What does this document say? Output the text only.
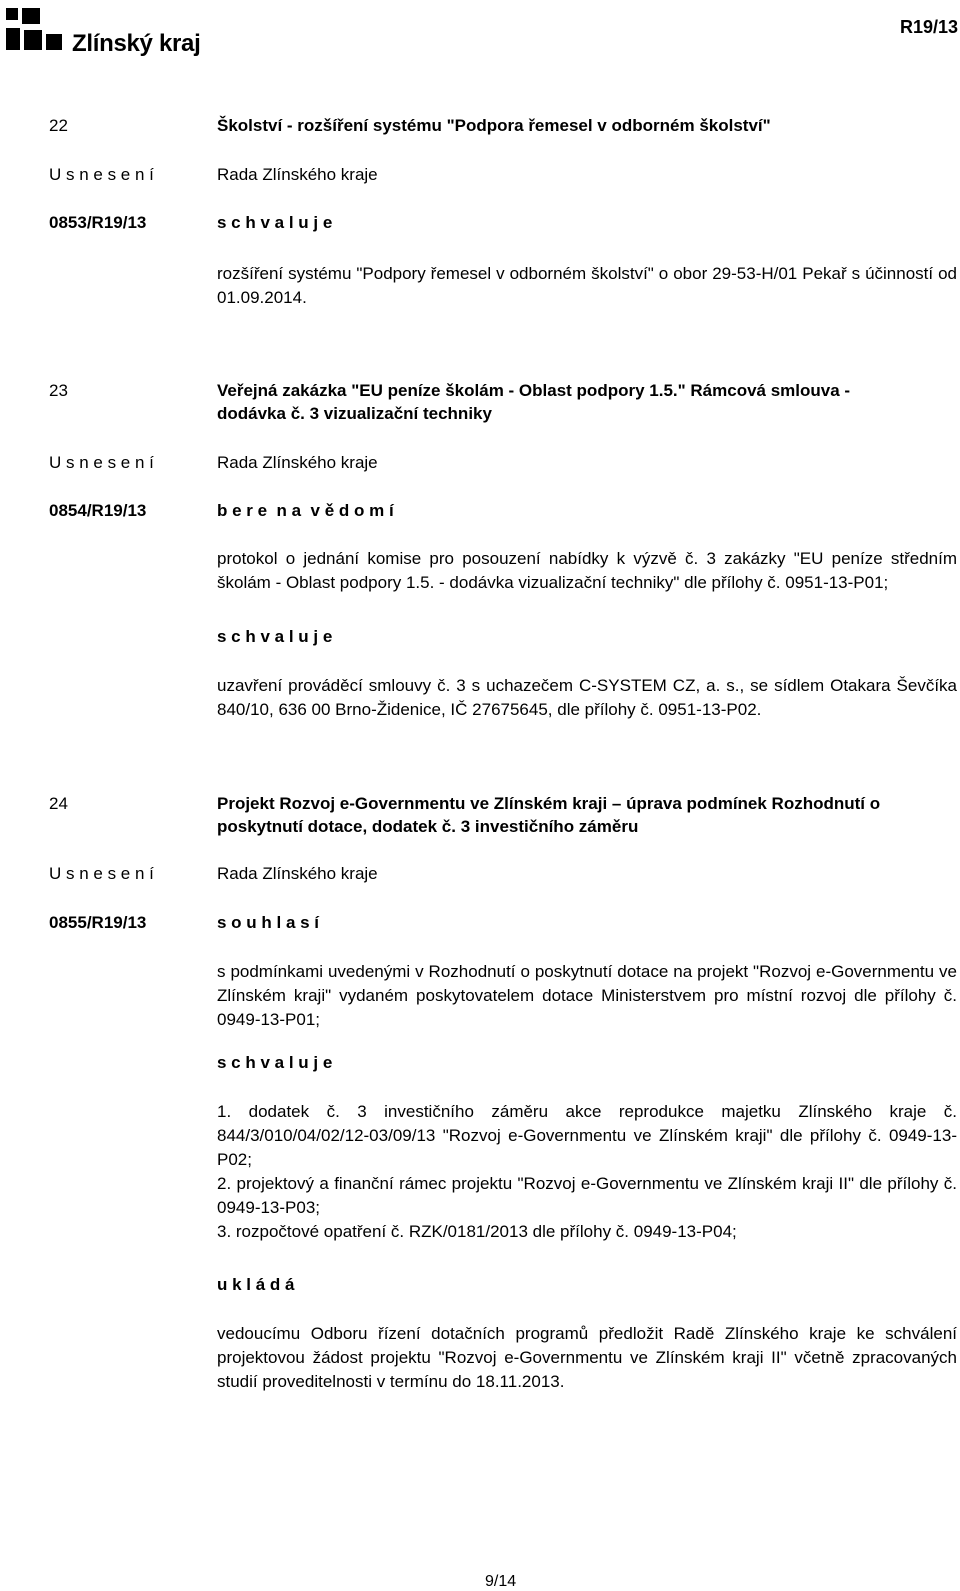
Zlínský kraj
R19/13
22	Školství - rozšíření systému "Podpora řemesel v odborném školství"
U s n e s e n í	Rada Zlínského kraje
0853/R19/13	s c h v a l u j e
rozšíření systému "Podpory řemesel v odborném školství" o obor 29-53-H/01 Pekař s účinností od 01.09.2014.
23	Veřejná zakázka "EU peníze školám - Oblast podpory 1.5." Rámcová smlouva - dodávka č. 3 vizualizační techniky
U s n e s e n í	Rada Zlínského kraje
0854/R19/13	b e r e  n a  v ě d o m í
protokol o jednání komise pro posouzení nabídky k výzvě č. 3 zakázky "EU peníze středním školám - Oblast podpory 1.5. - dodávka vizualizační techniky" dle přílohy č. 0951-13-P01;
s c h v a l u j e
uzavření prováděcí smlouvy č. 3 s uchazečem C-SYSTEM CZ, a. s., se sídlem Otakara Ševčíka 840/10, 636 00 Brno-Židenice, IČ 27675645, dle přílohy č. 0951-13-P02.
24	Projekt Rozvoj e-Governmentu ve Zlínském kraji – úprava podmínek Rozhodnutí o poskytnutí dotace, dodatek č. 3 investičního záměru
U s n e s e n í	Rada Zlínského kraje
0855/R19/13	s o u h l a s í
s podmínkami uvedenými v Rozhodnutí o poskytnutí dotace na projekt "Rozvoj e-Governmentu ve Zlínském kraji" vydaném poskytovatelem dotace Ministerstvem pro místní rozvoj dle přílohy č. 0949-13-P01;
s c h v a l u j e
1. dodatek č. 3 investičního záměru akce reprodukce majetku Zlínského kraje č. 844/3/010/04/02/12-03/09/13 "Rozvoj e-Governmentu ve Zlínském kraji" dle přílohy č. 0949-13-P02;
2. projektový a finanční rámec projektu "Rozvoj e-Governmentu ve Zlínském kraji II" dle přílohy č. 0949-13-P03;
3. rozpočtové opatření č. RZK/0181/2013 dle přílohy č. 0949-13-P04;
u k l á d á
vedoucímu Odboru řízení dotačních programů předložit Radě Zlínského kraje ke schválení projektovou žádost projektu "Rozvoj e-Governmentu ve Zlínském kraji II" včetně zpracovaných studií proveditelnosti v termínu do 18.11.2013.
9/14
